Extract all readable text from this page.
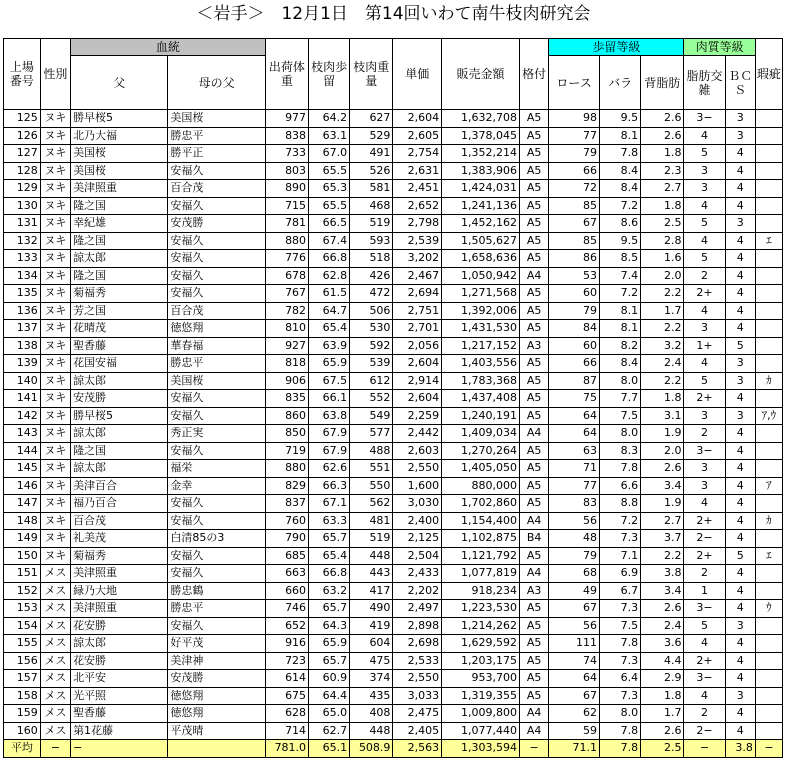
＜岩手＞　12月1日　第14回いわて南牛枝肉研究会
上場番号	性別	血統		出荷体重	枝肉歩留	枝肉重量	単価	販売金額	格付	歩留等級			肉質等級		瑕疵
		父	母の父							ロース	バラ	背脂肪	脂肪交雑	ＢＣＳ	
125	ヌキ	勝早桜5	美国桜	977	64.2	627	2,604	1,632,708	A5	98	9.5	2.6	3−	3	
126	ヌキ	北乃大福	勝忠平	838	63.1	529	2,605	1,378,045	A5	77	8.1	2.6	4	3	
127	ヌキ	美国桜	勝平正	733	67.0	491	2,754	1,352,214	A5	79	7.8	1.8	5	4	
128	ヌキ	美国桜	安福久	803	65.5	526	2,631	1,383,906	A5	66	8.4	2.3	3	4	
129	ヌキ	美津照重	百合茂	890	65.3	581	2,451	1,424,031	A5	72	8.4	2.7	3	4	
130	ヌキ	隆之国	安福久	715	65.5	468	2,652	1,241,136	A5	85	7.2	1.8	4	4	
131	ヌキ	幸紀雄	安茂勝	781	66.5	519	2,798	1,452,162	A5	67	8.6	2.5	5	3	
132	ヌキ	隆之国	安福久	880	67.4	593	2,539	1,505,627	A5	85	9.5	2.8	4	4	ｴ
133	ヌキ	諒太郎	安福久	776	66.8	518	3,202	1,658,636	A5	86	8.5	1.6	5	4	
134	ヌキ	隆之国	安福久	678	62.8	426	2,467	1,050,942	A4	53	7.4	2.0	2	4	
135	ヌキ	菊福秀	安福久	767	61.5	472	2,694	1,271,568	A5	60	7.2	2.2	2+	4	
136	ヌキ	芳之国	百合茂	782	64.7	506	2,751	1,392,006	A5	79	8.1	1.7	4	4	
137	ヌキ	花晴茂	徳悠翔	810	65.4	530	2,701	1,431,530	A5	84	8.1	2.2	3	4	
138	ヌキ	聖香藤	華春福	927	63.9	592	2,056	1,217,152	A3	60	8.2	3.2	1+	5	
139	ヌキ	花国安福	勝忠平	818	65.9	539	2,604	1,403,556	A5	66	8.4	2.4	4	3	
140	ヌキ	諒太郎	美国桜	906	67.5	612	2,914	1,783,368	A5	87	8.0	2.2	5	3	ｶ
141	ヌキ	安茂勝	安福久	835	66.1	552	2,604	1,437,408	A5	75	7.7	1.8	2+	4	
142	ヌキ	勝早桜5	安福久	860	63.8	549	2,259	1,240,191	A5	64	7.5	3.1	3	3	ｱ,ｳ
143	ヌキ	諒太郎	秀正実	850	67.9	577	2,442	1,409,034	A4	64	8.0	1.9	2	4	
144	ヌキ	隆之国	安福久	719	67.9	488	2,603	1,270,264	A5	63	8.3	2.0	3−	4	
145	ヌキ	諒太郎	福栄	880	62.6	551	2,550	1,405,050	A5	71	7.8	2.6	3	4	
146	ヌキ	美津百合	金幸	829	66.3	550	1,600	880,000	A5	77	6.6	3.4	3	4	ｱ
147	ヌキ	福乃百合	安福久	837	67.1	562	3,030	1,702,860	A5	83	8.8	1.9	4	4	
148	ヌキ	百合茂	安福久	760	63.3	481	2,400	1,154,400	A4	56	7.2	2.7	2+	4	ｶ
149	ヌキ	礼美茂	白清85の3	790	65.7	519	2,125	1,102,875	B4	48	7.3	3.7	2−	4	
150	ヌキ	菊福秀	安福久	685	65.4	448	2,504	1,121,792	A5	79	7.1	2.2	2+	5	ｴ
151	メス	美津照重	安福久	663	66.8	443	2,433	1,077,819	A4	68	6.9	3.8	2	4	
152	メス	緑乃大地	勝忠鶴	660	63.2	417	2,202	918,234	A3	49	6.7	3.4	1	4	
153	メス	美津照重	勝忠平	746	65.7	490	2,497	1,223,530	A5	67	7.3	2.6	3−	4	ｳ
154	メス	花安勝	安福久	652	64.3	419	2,898	1,214,262	A5	56	7.5	2.4	5	3	
155	メス	諒太郎	好平茂	916	65.9	604	2,698	1,629,592	A5	111	7.8	3.6	4	4	
156	メス	花安勝	美津神	723	65.7	475	2,533	1,203,175	A5	74	7.3	4.4	2+	4	
157	メス	北平安	安茂勝	614	60.9	374	2,550	953,700	A5	64	6.4	2.9	3−	4	
158	メス	光平照	徳悠翔	675	64.4	435	3,033	1,319,355	A5	67	7.3	1.8	4	3	
159	メス	聖香藤	徳悠翔	628	65.0	408	2,475	1,009,800	A4	62	8.0	1.7	2	4	
160	メス	第1花藤	平茂晴	714	62.7	448	2,405	1,077,440	A4	59	7.8	2.6	2−	4	
平均	−	−		781.0	65.1	508.9	2,563	1,303,594	−	71.1	7.8	2.5	−	3.8	−
